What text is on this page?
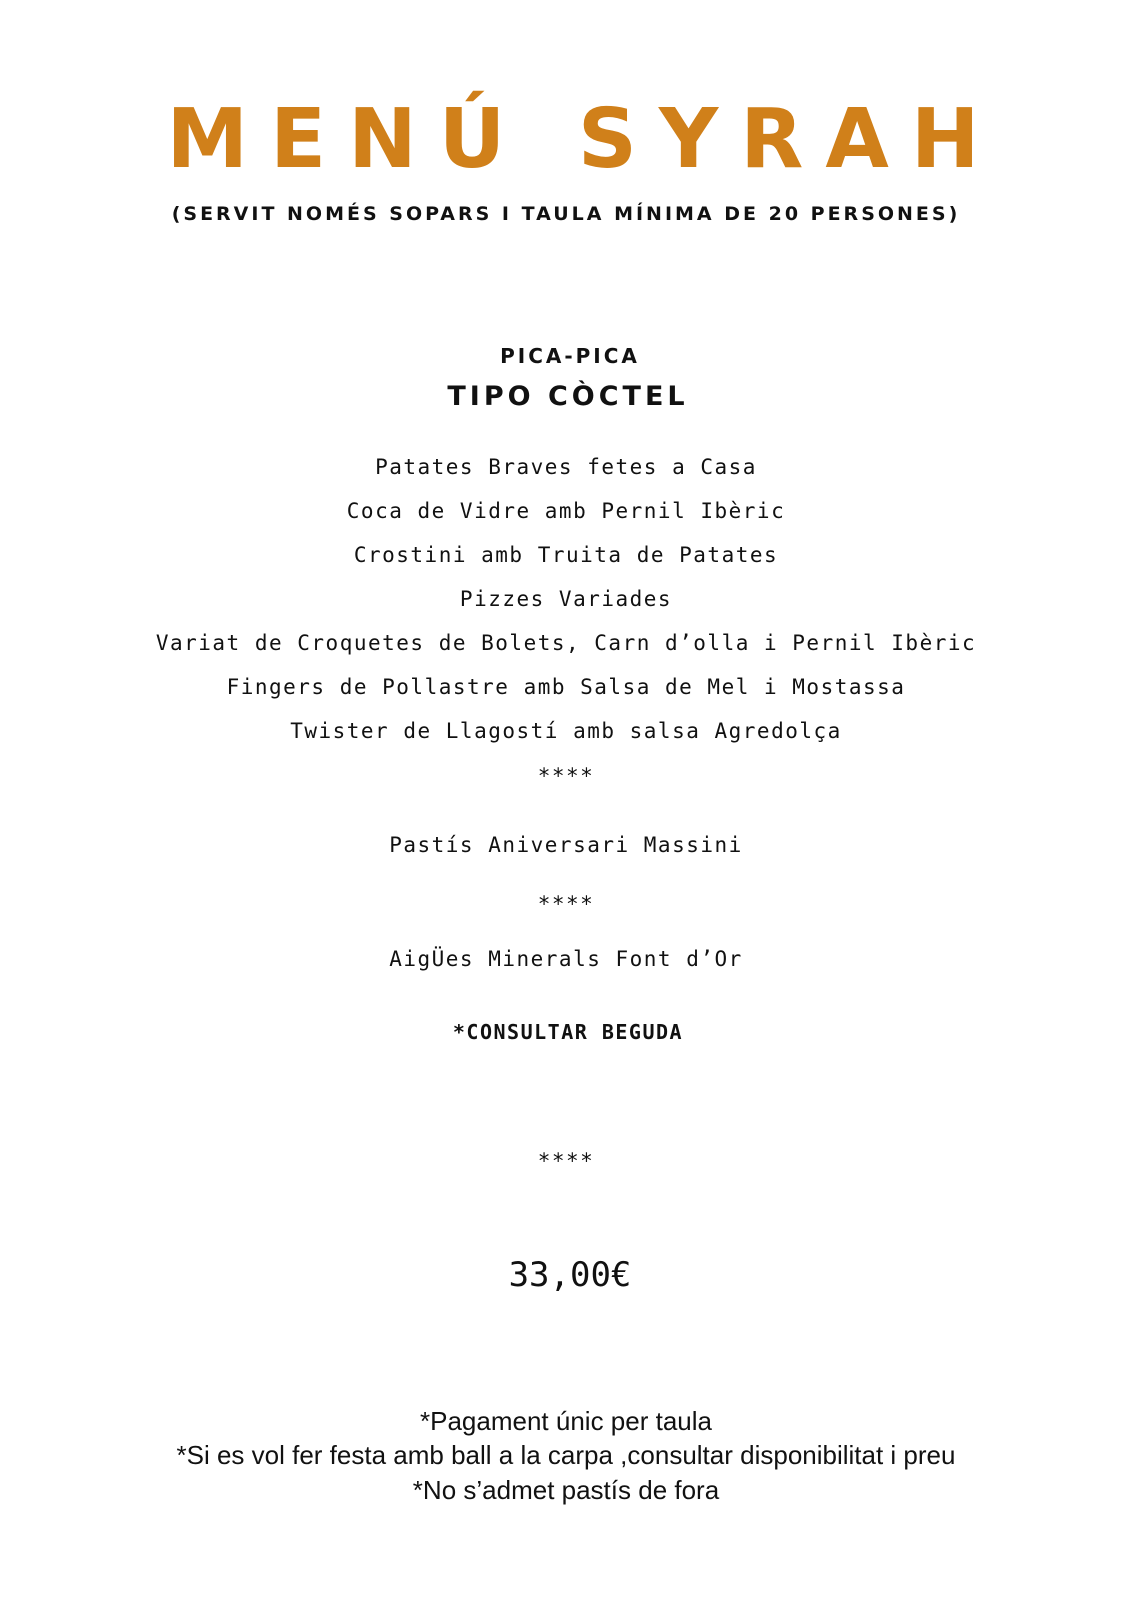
MENÚ SYRAH
(SERVIT NOMÉS SOPARS I TAULA MÍNIMA DE 20 PERSONES)
PICA-PICA
TIPO CÒCTEL
Patates Braves fetes a Casa
Coca de Vidre amb Pernil Ibèric
Crostini amb Truita de Patates
Pizzes Variades
Variat de Croquetes de Bolets, Carn d’olla i Pernil Ibèric
Fingers de Pollastre amb Salsa de Mel i Mostassa
Twister de Llagostí amb salsa Agredolça
****
Pastís Aniversari Massini
****
AigÜes Minerals Font d’Or
*CONSULTAR BEGUDA
****
33,00€
*Pagament únic per taula
*Si es vol fer festa amb ball a la carpa ,consultar disponibilitat i preu
*No s’admet pastís de fora
